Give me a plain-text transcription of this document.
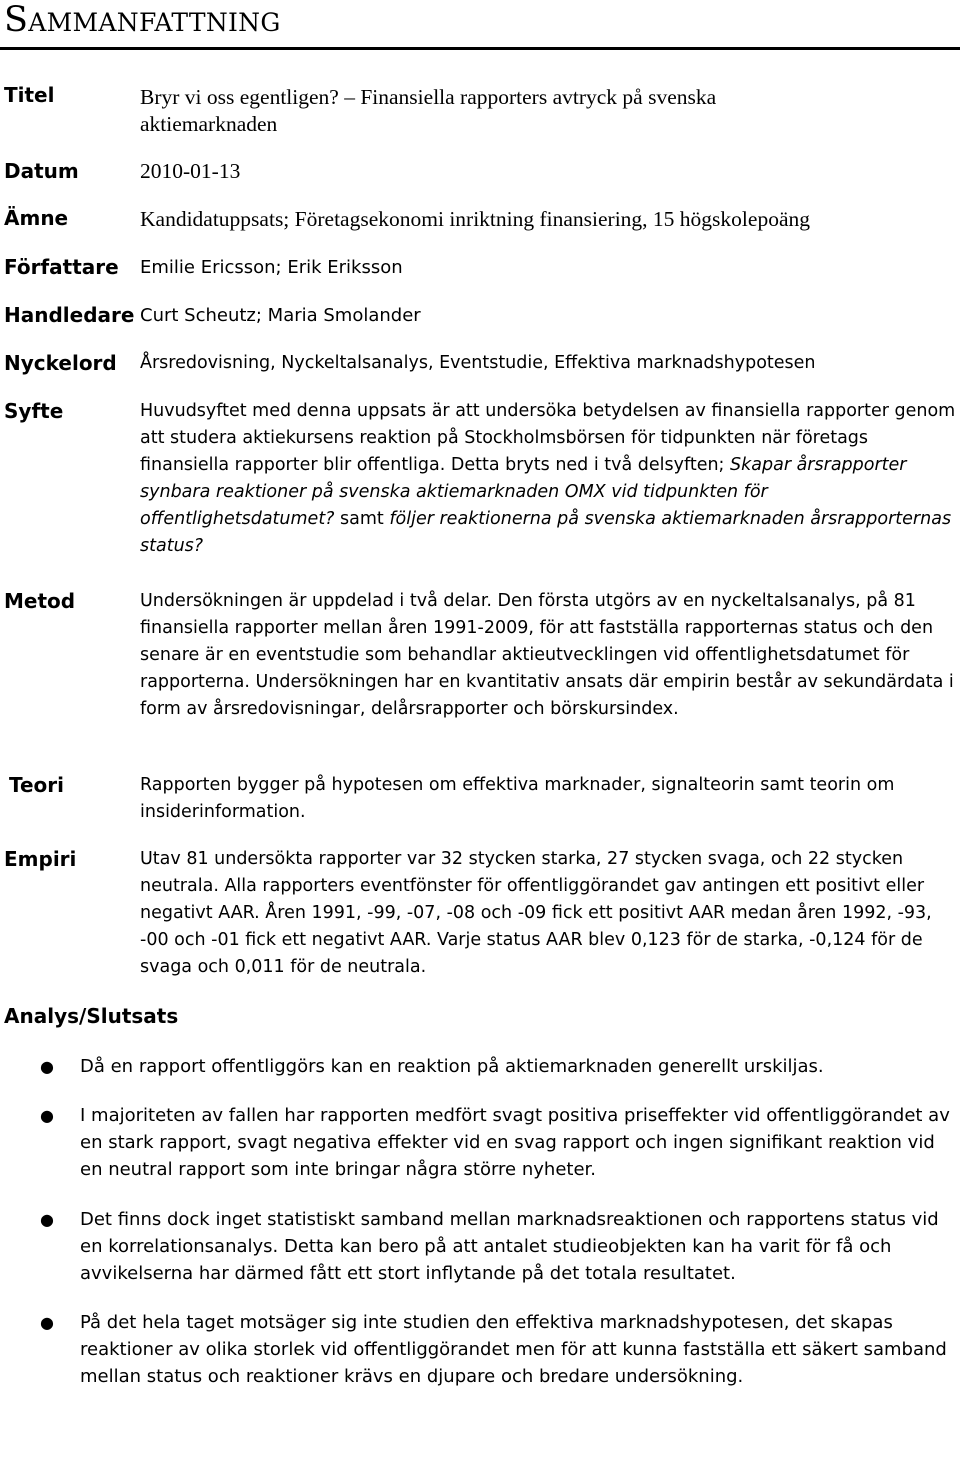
Sammanfattning
Titel	Bryr vi oss egentligen? – Finansiella rapporters avtryck på svenska aktiemarknaden
Datum	2010-01-13
Ämne	Kandidatuppsats; Företagsekonomi inriktning finansiering, 15 högskolepoäng
Författare Emilie Ericsson; Erik Eriksson
Handledare Curt Scheutz; Maria Smolander
Nyckelord Årsredovisning, Nyckeltalsanalys, Eventstudie, Effektiva marknadshypotesen
Syfte	Huvudsyftet med denna uppsats är att undersöka betydelsen av finansiella rapporter genom att studera aktiekursens reaktion på Stockholmsbörsen för tidpunkten när företags finansiella rapporter blir offentliga. Detta bryts ned i två delsyften; Skapar årsrapporter synbara reaktioner på svenska aktiemarknaden OMX vid tidpunkten för offentlighetsdatumet? samt följer reaktionerna på svenska aktiemarknaden årsrapporternas status?
Metod	Undersökningen är uppdelad i två delar. Den första utgörs av en nyckeltalsanalys, på 81 finansiella rapporter mellan åren 1991-2009, för att fastställa rapporternas status och den senare är en eventstudie som behandlar aktieutvecklingen vid offentlighetsdatumet för rapporterna. Undersökningen har en kvantitativ ansats där empirin består av sekundärdata i form av årsredovisningar, delårsrapporter och börskursindex.
Teori	Rapporten bygger på hypotesen om effektiva marknader, signalteorin samt teorin om insiderinformation.
Empiri	Utav 81 undersökta rapporter var 32 stycken starka, 27 stycken svaga, och 22 stycken neutrala. Alla rapporters eventfönster för offentliggörandet gav antingen ett positivt eller negativt AAR. Åren 1991, -99, -07, -08 och -09 fick ett positivt AAR medan åren 1992, -93, -00 och -01 fick ett negativt AAR. Varje status AAR blev 0,123 för de starka, -0,124 för de svaga och 0,011 för de neutrala.
Analys/Slutsats
● Då en rapport offentliggörs kan en reaktion på aktiemarknaden generellt urskiljas.
● I majoriteten av fallen har rapporten medfört svagt positiva priseffekter vid offentliggörandet av en stark rapport, svagt negativa effekter vid en svag rapport och ingen signifikant reaktion vid en neutral rapport som inte bringar några större nyheter.
● Det finns dock inget statistiskt samband mellan marknadsreaktionen och rapportens status vid en korrelationsanalys. Detta kan bero på att antalet studieobjekten kan ha varit för få och avvikelserna har därmed fått ett stort inflytande på det totala resultatet.
● På det hela taget motsäger sig inte studien den effektiva marknadshypotesen, det skapas reaktioner av olika storlek vid offentliggörandet men för att kunna fastställa ett säkert samband mellan status och reaktioner krävs en djupare och bredare undersökning.
